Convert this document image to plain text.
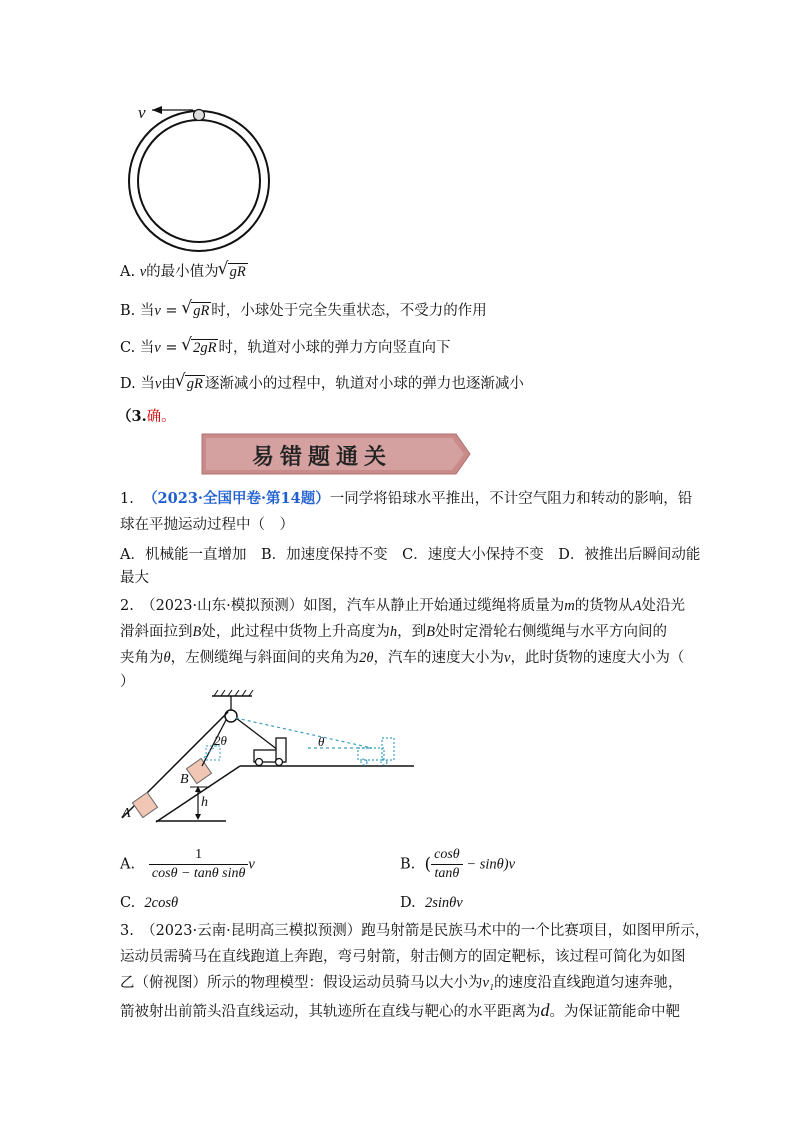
v
A. v的最小值为 √ gR
B. 当v = √ gR 时，小球处于完全失重状态，不受力的作用
C. 当v = √ 2gR 时，轨道对小球的弹力方向竖直向下
D. 当v由 √ gR 逐渐减小的过程中，轨道对小球的弹力也逐渐减小
（3.确。
易错题通关
1. （2023·全国甲卷·第14题）一同学将铅球水平推出，不计空气阻力和转动的影响，铅
球在平抛运动过程中（　）
A．机械能一直增加　B．加速度保持不变　C．速度大小保持不变　D．被推出后瞬间动能
最大
2.　（2023·山东·模拟预测）如图，汽车从静止开始通过缆绳将质量为m的货物从A处沿光
滑斜面拉到B处，此过程中货物上升高度为h，到B处时定滑轮右侧缆绳与水平方向间的
夹角为θ，左侧缆绳与斜面间的夹角为2θ，汽车的速度大小为v，此时货物的速度大小为（
）
2θ	θ
B
A
h
A. $\frac{1}{\text{cosθ − tanθ sinθ}}$ v	B. ( $\frac{\cos\theta}{\tan\theta} - \sin\theta)v$
C. 2cosθ	D. 2sinθv
3.　（2023·云南·昆明高三模拟预测）跑马射箭是民族马术中的一个比赛项目，如图甲所示，
运动员需骑马在直线跑道上奔跑，弯弓射箭，射击侧方的固定靶标，该过程可简化为如图
乙（俯视图）所示的物理模型：假设运动员骑马以大小为v₁的速度沿直线跑道匀速奔驰，
箭被射出前箭头沿直线运动，其轨迹所在直线与靶心的水平距离为d。为保证箭能命中靶
